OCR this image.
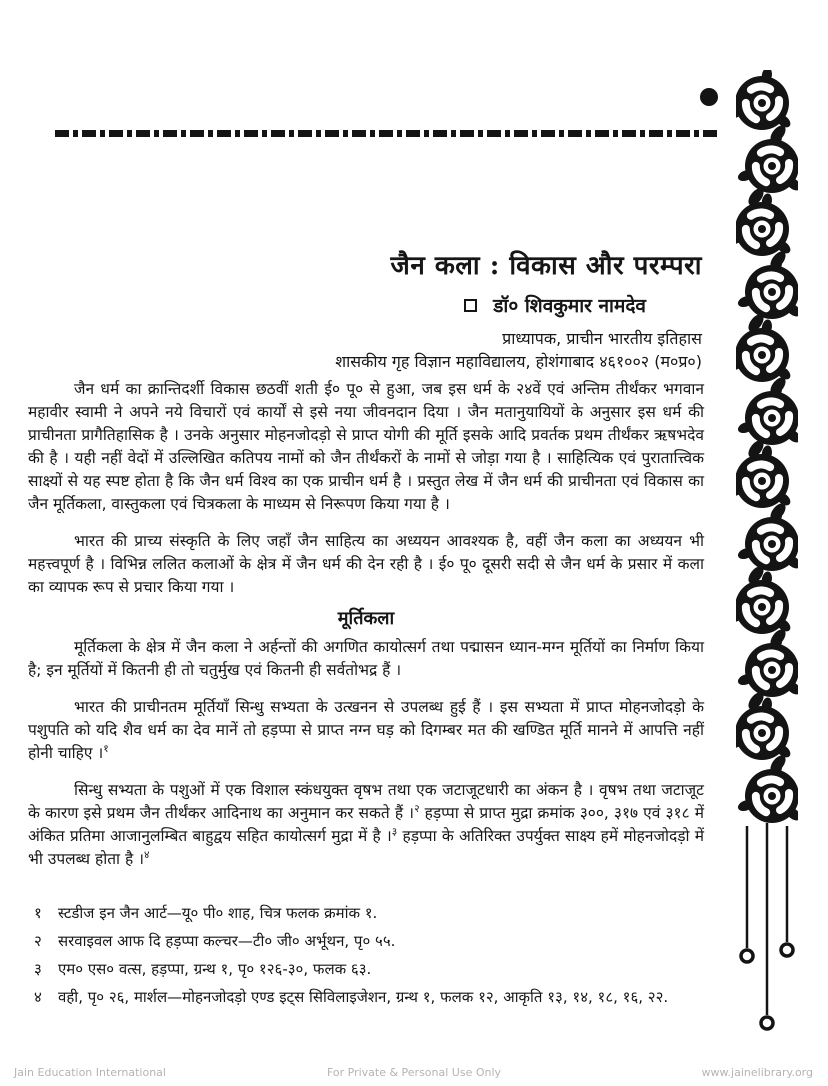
जैन कला : विकास और परम्परा
डॉ० शिवकुमार नामदेव
प्राध्यापक, प्राचीन भारतीय इतिहास
शासकीय गृह विज्ञान महाविद्यालय, होशंगाबाद ४६१००२ (म०प्र०)

जैन धर्म का क्रान्तिदर्शी विकास छठवीं शती ई० पू० से हुआ, जब इस धर्म के २४वें एवं अन्तिम तीर्थंकर भगवान महावीर स्वामी ने अपने नये विचारों एवं कार्यों से इसे नया जीवनदान दिया । जैन मतानुयायियों के अनुसार इस धर्म की प्राचीनता प्रागैतिहासिक है । उनके अनुसार मोहनजोदड़ो से प्राप्त योगी की मूर्ति इसके आदि प्रवर्तक प्रथम तीर्थंकर ऋषभदेव की है । यही नहीं वेदों में उल्लिखित कतिपय नामों को जैन तीर्थंकरों के नामों से जोड़ा गया है । साहित्यिक एवं पुरातात्त्विक साक्ष्यों से यह स्पष्ट होता है कि जैन धर्म विश्व का एक प्राचीन धर्म है । प्रस्तुत लेख में जैन धर्म की प्राचीनता एवं विकास का जैन मूर्तिकला, वास्तुकला एवं चित्रकला के माध्यम से निरूपण किया गया है ।

भारत की प्राच्य संस्कृति के लिए जहाँ जैन साहित्य का अध्ययन आवश्यक है, वहीं जैन कला का अध्ययन भी महत्त्वपूर्ण है । विभिन्न ललित कलाओं के क्षेत्र में जैन धर्म की देन रही है । ई० पू० दूसरी सदी से जैन धर्म के प्रसार में कला का व्यापक रूप से प्रचार किया गया ।

मूर्तिकला

मूर्तिकला के क्षेत्र में जैन कला ने अर्हन्तों की अगणित कायोत्सर्ग तथा पद्मासन ध्यान-मग्न मूर्तियों का निर्माण किया है; इन मूर्तियों में कितनी ही तो चतुर्मुख एवं कितनी ही सर्वतोभद्र हैं ।

भारत की प्राचीनतम मूर्तियाँ सिन्धु सभ्यता के उत्खनन से उपलब्ध हुई हैं । इस सभ्यता में प्राप्त मोहनजोदड़ो के पशुपति को यदि शैव धर्म का देव मानें तो हड़प्पा से प्राप्त नग्न घड़ को दिगम्बर मत की खण्डित मूर्ति मानने में आपत्ति नहीं होनी चाहिए ।$^१$

सिन्धु सभ्यता के पशुओं में एक विशाल स्कंधयुक्त वृषभ तथा एक जटाजूटधारी का अंकन है । वृषभ तथा जटाजूट के कारण इसे प्रथम जैन तीर्थंकर आदिनाथ का अनुमान कर सकते हैं ।$^२$ हड़प्पा से प्राप्त मुद्रा क्रमांक ३००, ३१७ एवं ३१८ में अंकित प्रतिमा आजानुलम्बित बाहुद्वय सहित कायोत्सर्ग मुद्रा में है ।$^३$ हड़प्पा के अतिरिक्त उपर्युक्त साक्ष्य हमें मोहनजोदड़ो में भी उपलब्ध होता है ।$^४$

१	स्टडीज इन जैन आर्ट—यू० पी० शाह, चित्र फलक क्रमांक १.
२	सरवाइवल आफ दि हड़प्पा कल्चर—टी० जी० अर्भूथन, पृ० ५५.
३	एम० एस० वत्स, हड़प्पा, ग्रन्थ १, पृ० १२६-३०, फलक ६३.
४	वही, पृ० २६, मार्शल—मोहनजोदड़ो एण्ड इट्स सिविलाइजेशन, ग्रन्थ १, फलक १२, आकृति १३, १४, १८, १६, २२.
Jain Education International	For Private & Personal Use Only	www.jainelibrary.org
